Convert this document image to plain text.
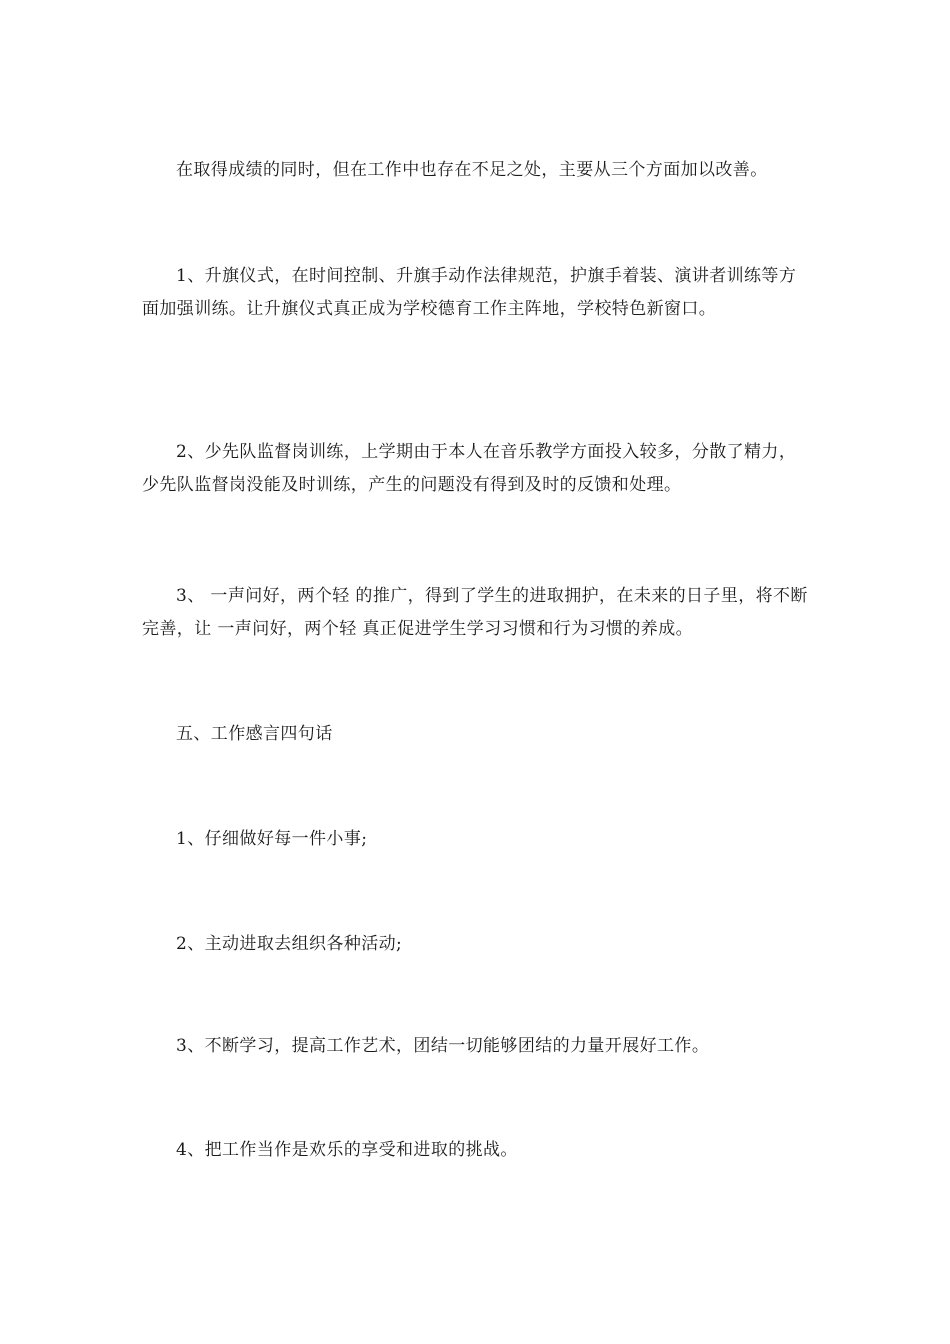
在取得成绩的同时，但在工作中也存在不足之处，主要从三个方面加以改善。

1、升旗仪式，在时间控制、升旗手动作法律规范，护旗手着装、演讲者训练等方面加强训练。让升旗仪式真正成为学校德育工作主阵地，学校特色新窗口。

2、少先队监督岗训练，上学期由于本人在音乐教学方面投入较多，分散了精力，少先队监督岗没能及时训练，产生的问题没有得到及时的反馈和处理。

3、 一声问好，两个轻 的推广，得到了学生的进取拥护，在未来的日子里，将不断完善，让 一声问好，两个轻 真正促进学生学习习惯和行为习惯的养成。

五、工作感言四句话

1、仔细做好每一件小事;

2、主动进取去组织各种活动;

3、不断学习，提高工作艺术，团结一切能够团结的力量开展好工作。

4、把工作当作是欢乐的享受和进取的挑战。
